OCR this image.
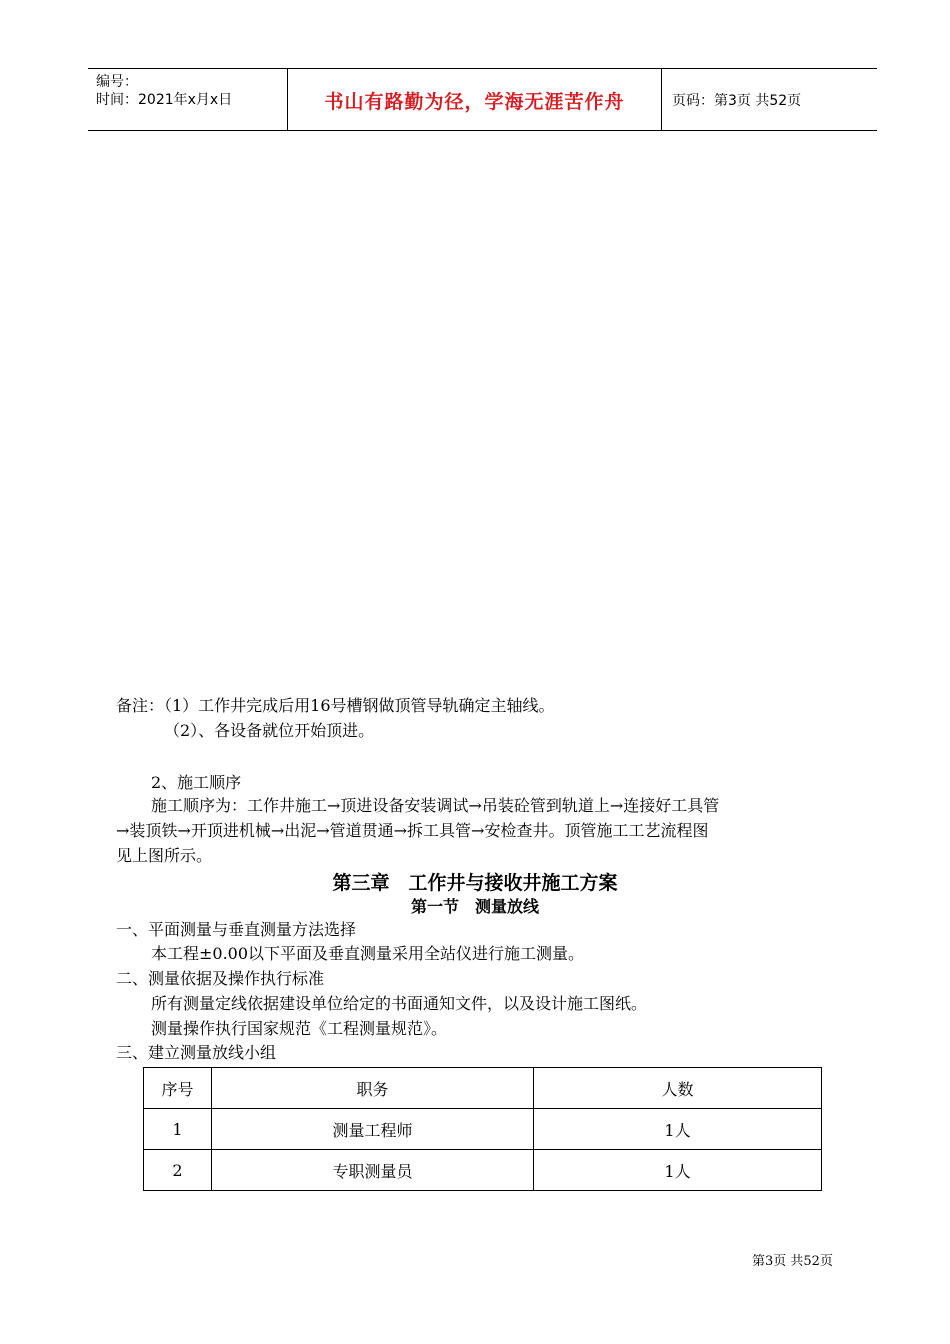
编号：
时间：2021年x月x日	书山有路勤为径，学海无涯苦作舟	页码：第3页 共52页
备注：（1）工作井完成后用16号槽钢做顶管导轨确定主轴线。
（2）、各设备就位开始顶进。
2、施工顺序
施工顺序为：工作井施工→顶进设备安装调试→吊装砼管到轨道上→连接好工具管
→装顶铁→开顶进机械→出泥→管道贯通→拆工具管→安检查井。顶管施工工艺流程图
见上图所示。
第三章　工作井与接收井施工方案
第一节　测量放线
一、平面测量与垂直测量方法选择
本工程±0.00以下平面及垂直测量采用全站仪进行施工测量。
二、测量依据及操作执行标准
所有测量定线依据建设单位给定的书面通知文件，以及设计施工图纸。
测量操作执行国家规范《工程测量规范》。
三、建立测量放线小组
序号	职务	人数
1	测量工程师	1人
2	专职测量员	1人
第3页 共52页
